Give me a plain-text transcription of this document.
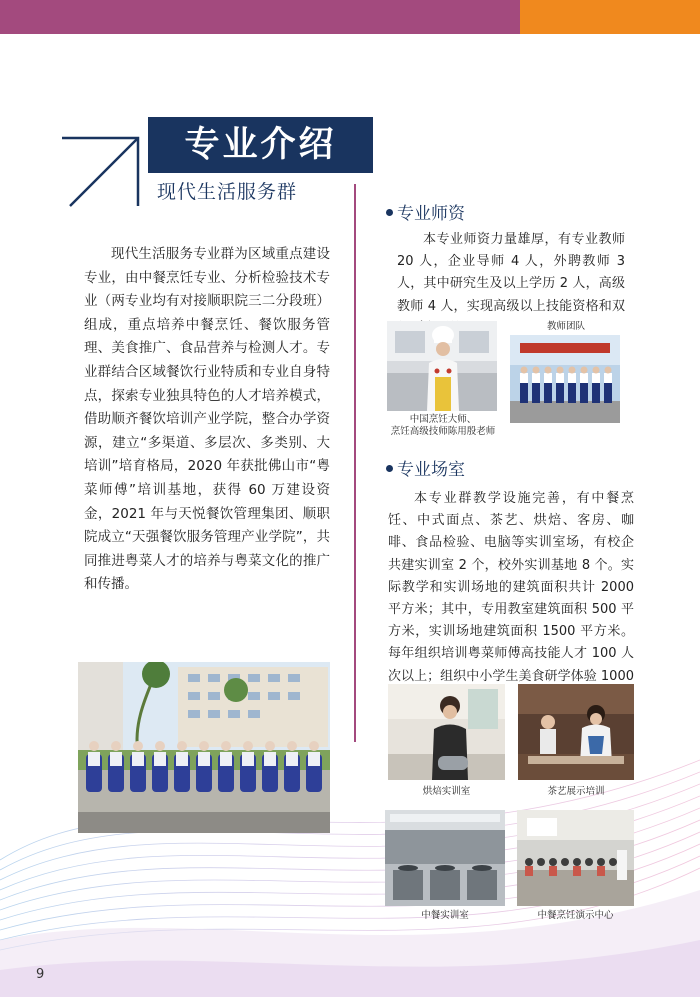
专业介绍
现代生活服务群

现代生活服务专业群为区域重点建设专业，由中餐烹饪专业、分析检验技术专业（两专业均有对接顺职院三二分段班）组成，重点培养中餐烹饪、餐饮服务管理、美食推广、食品营养与检测人才。专业群结合区域餐饮行业特质和专业自身特点，探索专业独具特色的人才培养模式，借助顺齐餐饮培训产业学院，整合办学资源，建立“多渠道、多层次、多类别、大培训”培育格局，2020 年获批佛山市“粤菜师傅”培训基地，获得 60 万建设资金，2021 年与天悦餐饮管理集团、顺职院成立“天强餐饮服务管理产业学院”，共同推进粤菜人才的培养与粤菜文化的推广和传播。

专业师资

本专业师资力量雄厚，有专业教师 20 人，企业导师 4 人，外聘教师 3 人，其中研究生及以上学历 2 人，高级教师 4 人，实现高级以上技能资格和双

中国烹饪大师、
烹饪高级技师陈用殷老师
教师团队
专业场室

本专业群教学设施完善，有中餐烹饪、中式面点、茶艺、烘焙、客房、咖啡、食品检验、电脑等实训室场，有校企共建实训室 2 个，校外实训基地 8 个。实际教学和实训场地的建筑面积共计 2000 平方米；其中，专用教室建筑面积 500 平方米，实训场地建筑面积 1500 平方米。每年组织培训粤菜师傅高技能人才 100 人次以上；组织中小学生美食研学体验 1000

烘焙实训室	茶艺展示培训
中餐实训室	中餐烹饪演示中心
9
